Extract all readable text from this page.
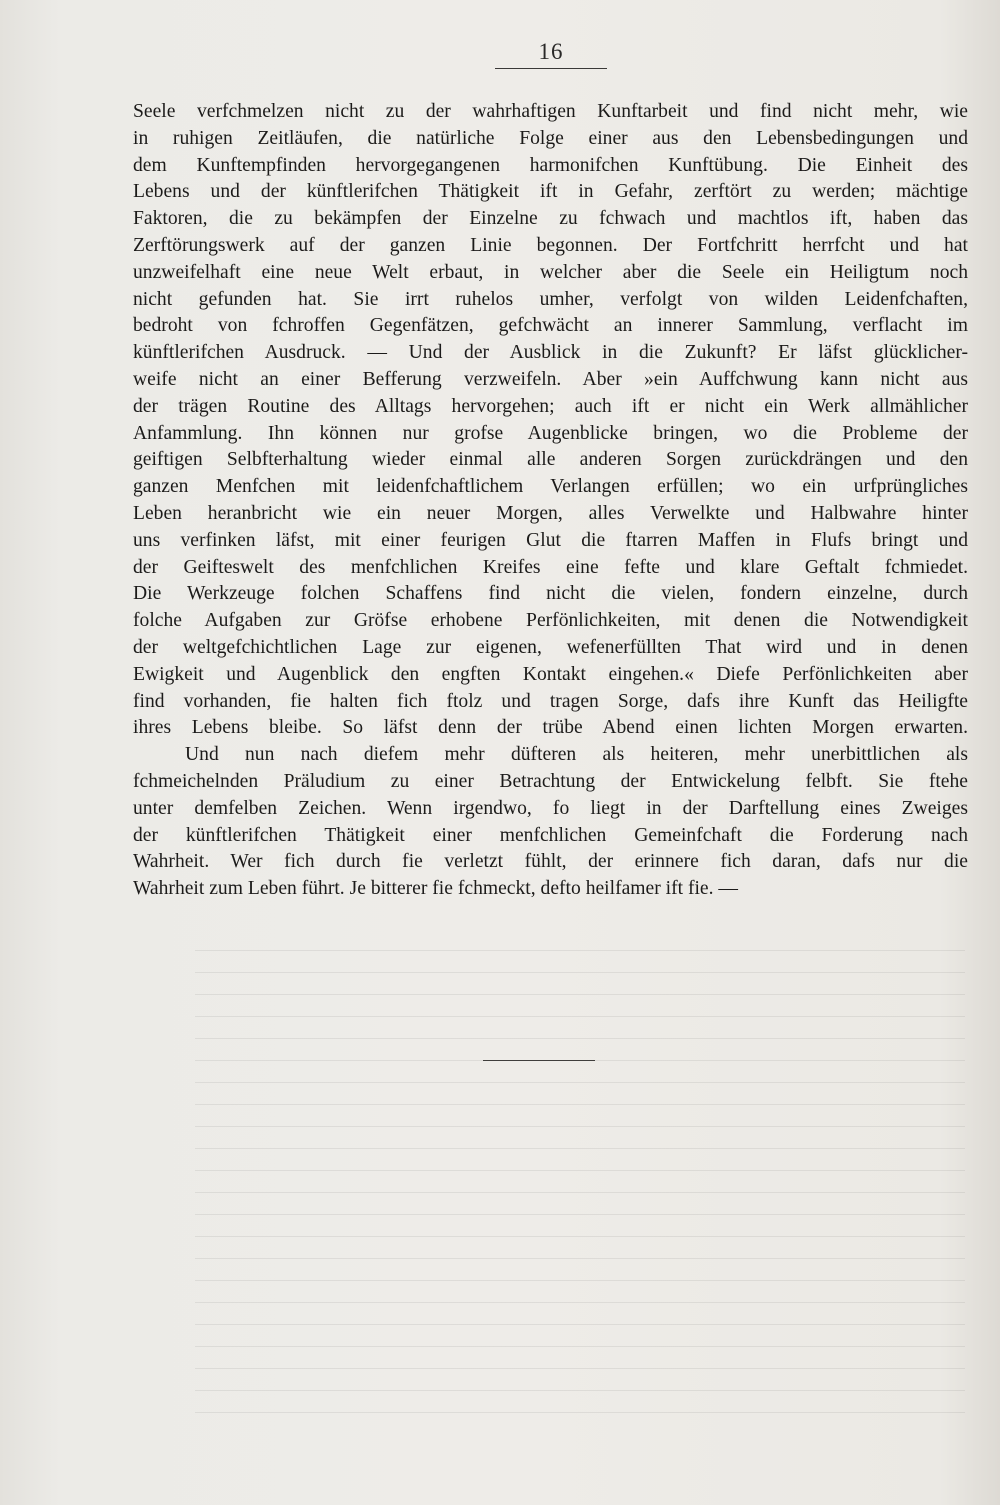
16
Seele verfchmelzen nicht zu der wahrhaftigen Kunftarbeit und find nicht mehr, wie
in ruhigen Zeitläufen, die natürliche Folge einer aus den Lebensbedingungen und
dem Kunftempfinden hervorgegangenen harmonifchen Kunftübung. Die Einheit des
Lebens und der künftlerifchen Thätigkeit ift in Gefahr, zerftört zu werden; mächtige
Faktoren, die zu bekämpfen der Einzelne zu fchwach und machtlos ift, haben das
Zerftörungswerk auf der ganzen Linie begonnen. Der Fortfchritt herrfcht und hat
unzweifelhaft eine neue Welt erbaut, in welcher aber die Seele ein Heiligtum noch
nicht gefunden hat. Sie irrt ruhelos umher, verfolgt von wilden Leidenfchaften,
bedroht von fchroffen Gegenfätzen, gefchwächt an innerer Sammlung, verflacht im
künftlerifchen Ausdruck. — Und der Ausblick in die Zukunft? Er läfst glücklicher-
weife nicht an einer Befferung verzweifeln. Aber »ein Auffchwung kann nicht aus
der trägen Routine des Alltags hervorgehen; auch ift er nicht ein Werk allmählicher
Anfammlung. Ihn können nur grofse Augenblicke bringen, wo die Probleme der
geiftigen Selbfterhaltung wieder einmal alle anderen Sorgen zurückdrängen und den
ganzen Menfchen mit leidenfchaftlichem Verlangen erfüllen; wo ein urfprüngliches
Leben heranbricht wie ein neuer Morgen, alles Verwelkte und Halbwahre hinter
uns verfinken läfst, mit einer feurigen Glut die ftarren Maffen in Flufs bringt und
der Geifteswelt des menfchlichen Kreifes eine fefte und klare Geftalt fchmiedet.
Die Werkzeuge folchen Schaffens find nicht die vielen, fondern einzelne, durch
folche Aufgaben zur Gröfse erhobene Perfönlichkeiten, mit denen die Notwendigkeit
der weltgefchichtlichen Lage zur eigenen, wefenerfüllten That wird und in denen
Ewigkeit und Augenblick den engften Kontakt eingehen.« Diefe Perfönlichkeiten aber
find vorhanden, fie halten fich ftolz und tragen Sorge, dafs ihre Kunft das Heiligfte
ihres Lebens bleibe. So läfst denn der trübe Abend einen lichten Morgen erwarten.
Und nun nach diefem mehr düfteren als heiteren, mehr unerbittlichen als
fchmeichelnden Präludium zu einer Betrachtung der Entwickelung felbft. Sie ftehe
unter demfelben Zeichen. Wenn irgendwo, fo liegt in der Darftellung eines Zweiges
der künftlerifchen Thätigkeit einer menfchlichen Gemeinfchaft die Forderung nach
Wahrheit. Wer fich durch fie verletzt fühlt, der erinnere fich daran, dafs nur die
Wahrheit zum Leben führt. Je bitterer fie fchmeckt, defto heilfamer ift fie. —
